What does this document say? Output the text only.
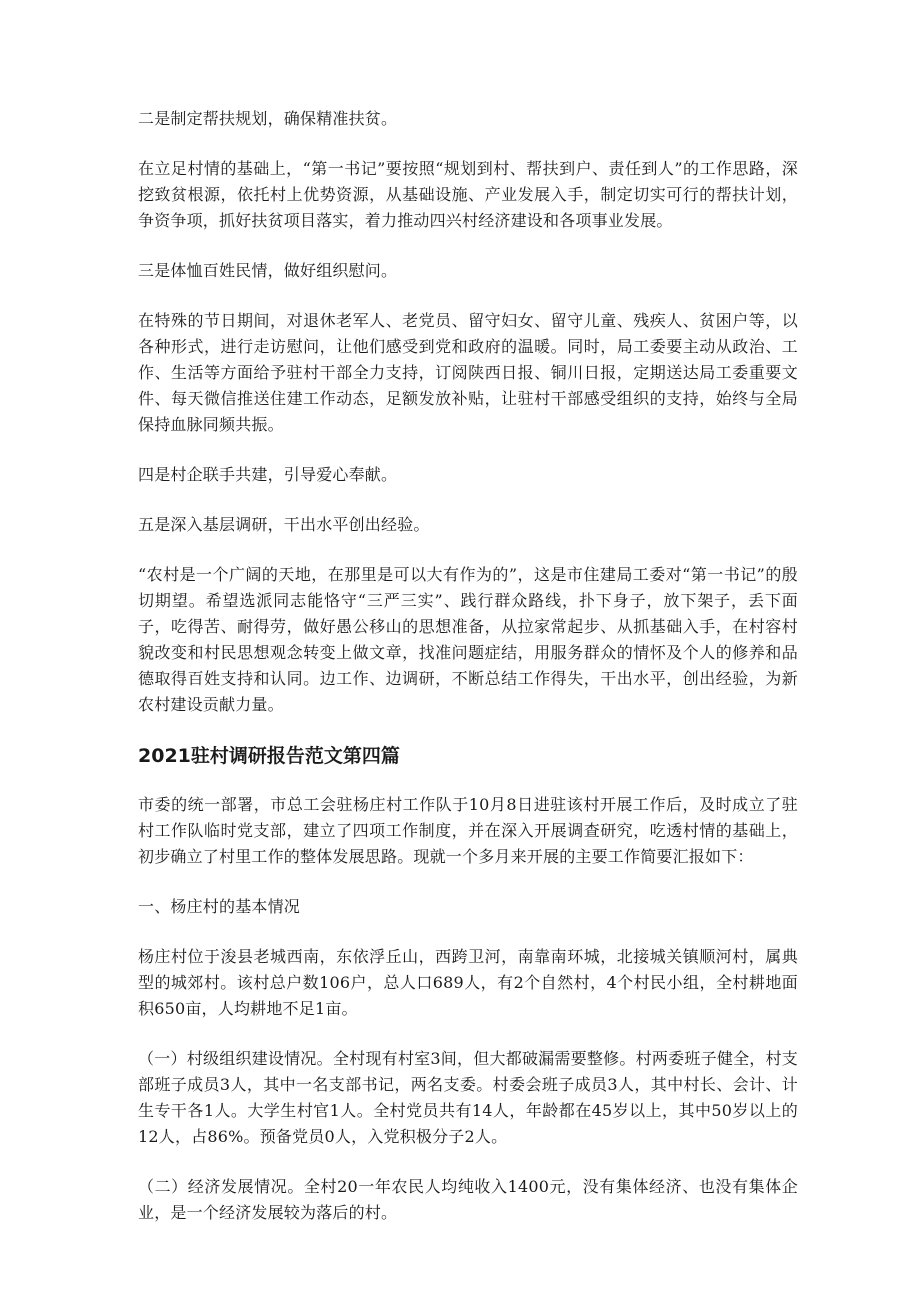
二是制定帮扶规划，确保精准扶贫。

在立足村情的基础上，“第一书记”要按照“规划到村、帮扶到户、责任到人”的工作思路，深挖致贫根源，依托村上优势资源，从基础设施、产业发展入手，制定切实可行的帮扶计划，争资争项，抓好扶贫项目落实，着力推动四兴村经济建设和各项事业发展。

三是体恤百姓民情，做好组织慰问。

在特殊的节日期间，对退休老军人、老党员、留守妇女、留守儿童、残疾人、贫困户等，以各种形式，进行走访慰问，让他们感受到党和政府的温暖。同时，局工委要主动从政治、工作、生活等方面给予驻村干部全力支持，订阅陕西日报、铜川日报，定期送达局工委重要文件、每天微信推送住建工作动态，足额发放补贴，让驻村干部感受组织的支持，始终与全局保持血脉同频共振。

四是村企联手共建，引导爱心奉献。

五是深入基层调研，干出水平创出经验。

“农村是一个广阔的天地，在那里是可以大有作为的”，这是市住建局工委对“第一书记”的殷切期望。希望选派同志能恪守“三严三实”、践行群众路线，扑下身子，放下架子，丢下面子，吃得苦、耐得劳，做好愚公移山的思想准备，从拉家常起步、从抓基础入手，在村容村貌改变和村民思想观念转变上做文章，找准问题症结，用服务群众的情怀及个人的修养和品德取得百姓支持和认同。边工作、边调研，不断总结工作得失，干出水平，创出经验，为新农村建设贡献力量。

2021驻村调研报告范文第四篇

市委的统一部署，市总工会驻杨庄村工作队于10月8日进驻该村开展工作后，及时成立了驻村工作队临时党支部，建立了四项工作制度，并在深入开展调查研究，吃透村情的基础上，初步确立了村里工作的整体发展思路。现就一个多月来开展的主要工作简要汇报如下：

一、杨庄村的基本情况

杨庄村位于浚县老城西南，东依浮丘山，西跨卫河，南靠南环城，北接城关镇顺河村，属典型的城郊村。该村总户数106户，总人口689人，有2个自然村，4个村民小组，全村耕地面积650亩，人均耕地不足1亩。

（一）村级组织建设情况。全村现有村室3间，但大都破漏需要整修。村两委班子健全，村支部班子成员3人，其中一名支部书记，两名支委。村委会班子成员3人，其中村长、会计、计生专干各1人。大学生村官1人。全村党员共有14人，年龄都在45岁以上，其中50岁以上的12人，占86%。预备党员0人，入党积极分子2人。

（二）经济发展情况。全村20一年农民人均纯收入1400元，没有集体经济、也没有集体企业，是一个经济发展较为落后的村。
